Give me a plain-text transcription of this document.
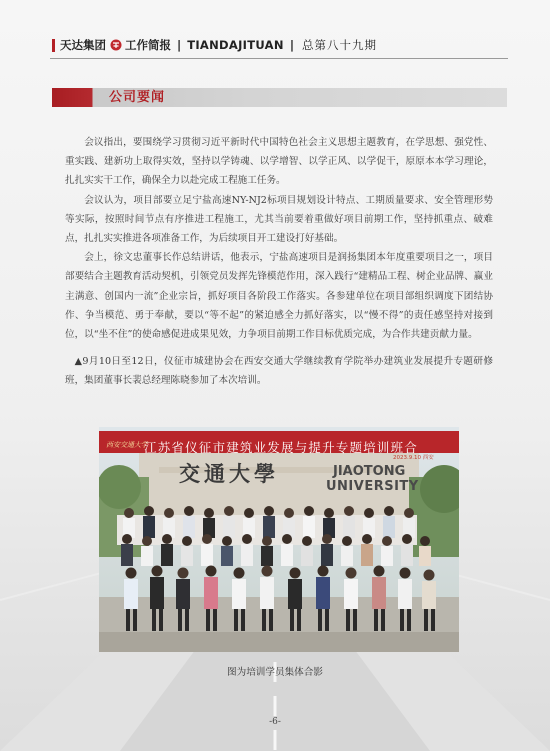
天达集团 工作简报 | TIANDAJITUAN | 总第八十九期
公司要闻

会议指出，要围绕学习贯彻习近平新时代中国特色社会主义思想主题教育，在学思想、强党性、重实践、建新功上取得实效，坚持以学铸魂、以学增智、以学正风、以学促干，原原本本学习理论，扎扎实实干工作，确保全力以赴完成工程施工任务。

会议认为，项目部要立足宁盐高速NY-NJ2标项目规划设计特点、工期质量要求、安全管理形势等实际，按照时间节点有序推进工程施工，尤其当前要着重做好项目前期工作，坚持抓重点、破难点，扎扎实实推进各项准备工作，为后续项目开工建设打好基础。

会上，徐文忠董事长作总结讲话，他表示，宁盐高速项目是润扬集团本年度重要项目之一，项目部要结合主题教育活动契机，引领党员发挥先锋模范作用，深入践行“建精品工程、树企业品牌、赢业主满意、创国内一流”企业宗旨，抓好项目各阶段工作落实。各参建单位在项目部组织调度下团结协作、争当模范、勇于奉献，要以“等不起”的紧迫感全力抓好落实，以“慢不得”的责任感坚持对接到位，以“坐不住”的使命感促进成果见效，力争项目前期工作目标优质完成，为合作共建贡献力量。

▲9月10日至12日，仪征市城建协会在西安交通大学继续教育学院举办建筑业发展提升专题研修班，集团董事长裴总经理陈晓参加了本次培训。

西安交通大学
江苏省仪征市建筑业发展与提升专题培训班合
2023.9.10 西安
交通大學	JIAOTONG
UNIVERSITY
图为培训学员集体合影
-6-
